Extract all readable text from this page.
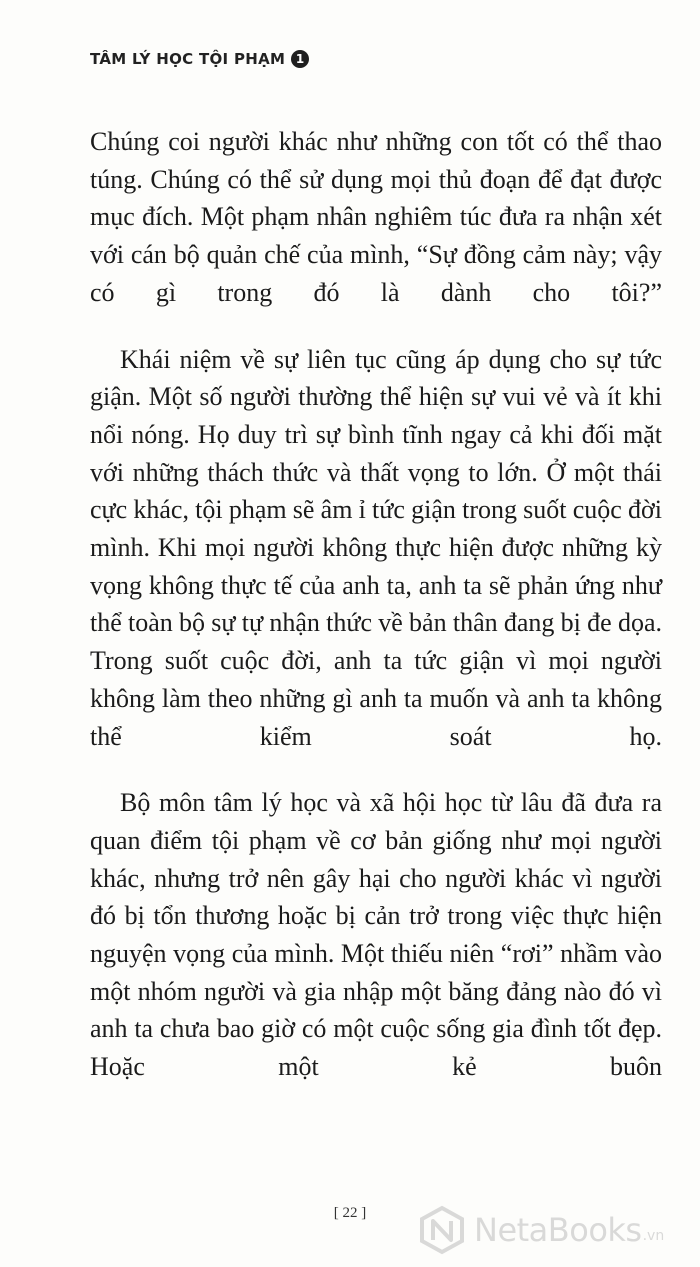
TÂM LÝ HỌC TỘI PHẠM 1

Chúng coi người khác như những con tốt có thể thao túng. Chúng có thể sử dụng mọi thủ đoạn để đạt được mục đích. Một phạm nhân nghiêm túc đưa ra nhận xét với cán bộ quản chế của mình, “Sự đồng cảm này; vậy có gì trong đó là dành cho tôi?”

Khái niệm về sự liên tục cũng áp dụng cho sự tức giận. Một số người thường thể hiện sự vui vẻ và ít khi nổi nóng. Họ duy trì sự bình tĩnh ngay cả khi đối mặt với những thách thức và thất vọng to lớn. Ở một thái cực khác, tội phạm sẽ âm ỉ tức giận trong suốt cuộc đời mình. Khi mọi người không thực hiện được những kỳ vọng không thực tế của anh ta, anh ta sẽ phản ứng như thể toàn bộ sự tự nhận thức về bản thân đang bị đe dọa. Trong suốt cuộc đời, anh ta tức giận vì mọi người không làm theo những gì anh ta muốn và anh ta không thể kiểm soát họ.

Bộ môn tâm lý học và xã hội học từ lâu đã đưa ra quan điểm tội phạm về cơ bản giống như mọi người khác, nhưng trở nên gây hại cho người khác vì người đó bị tổn thương hoặc bị cản trở trong việc thực hiện nguyện vọng của mình. Một thiếu niên “rơi” nhầm vào một nhóm người và gia nhập một băng đảng nào đó vì anh ta chưa bao giờ có một cuộc sống gia đình tốt đẹp. Hoặc một kẻ buôn

[ 22 ]	NetaBooks .vn
